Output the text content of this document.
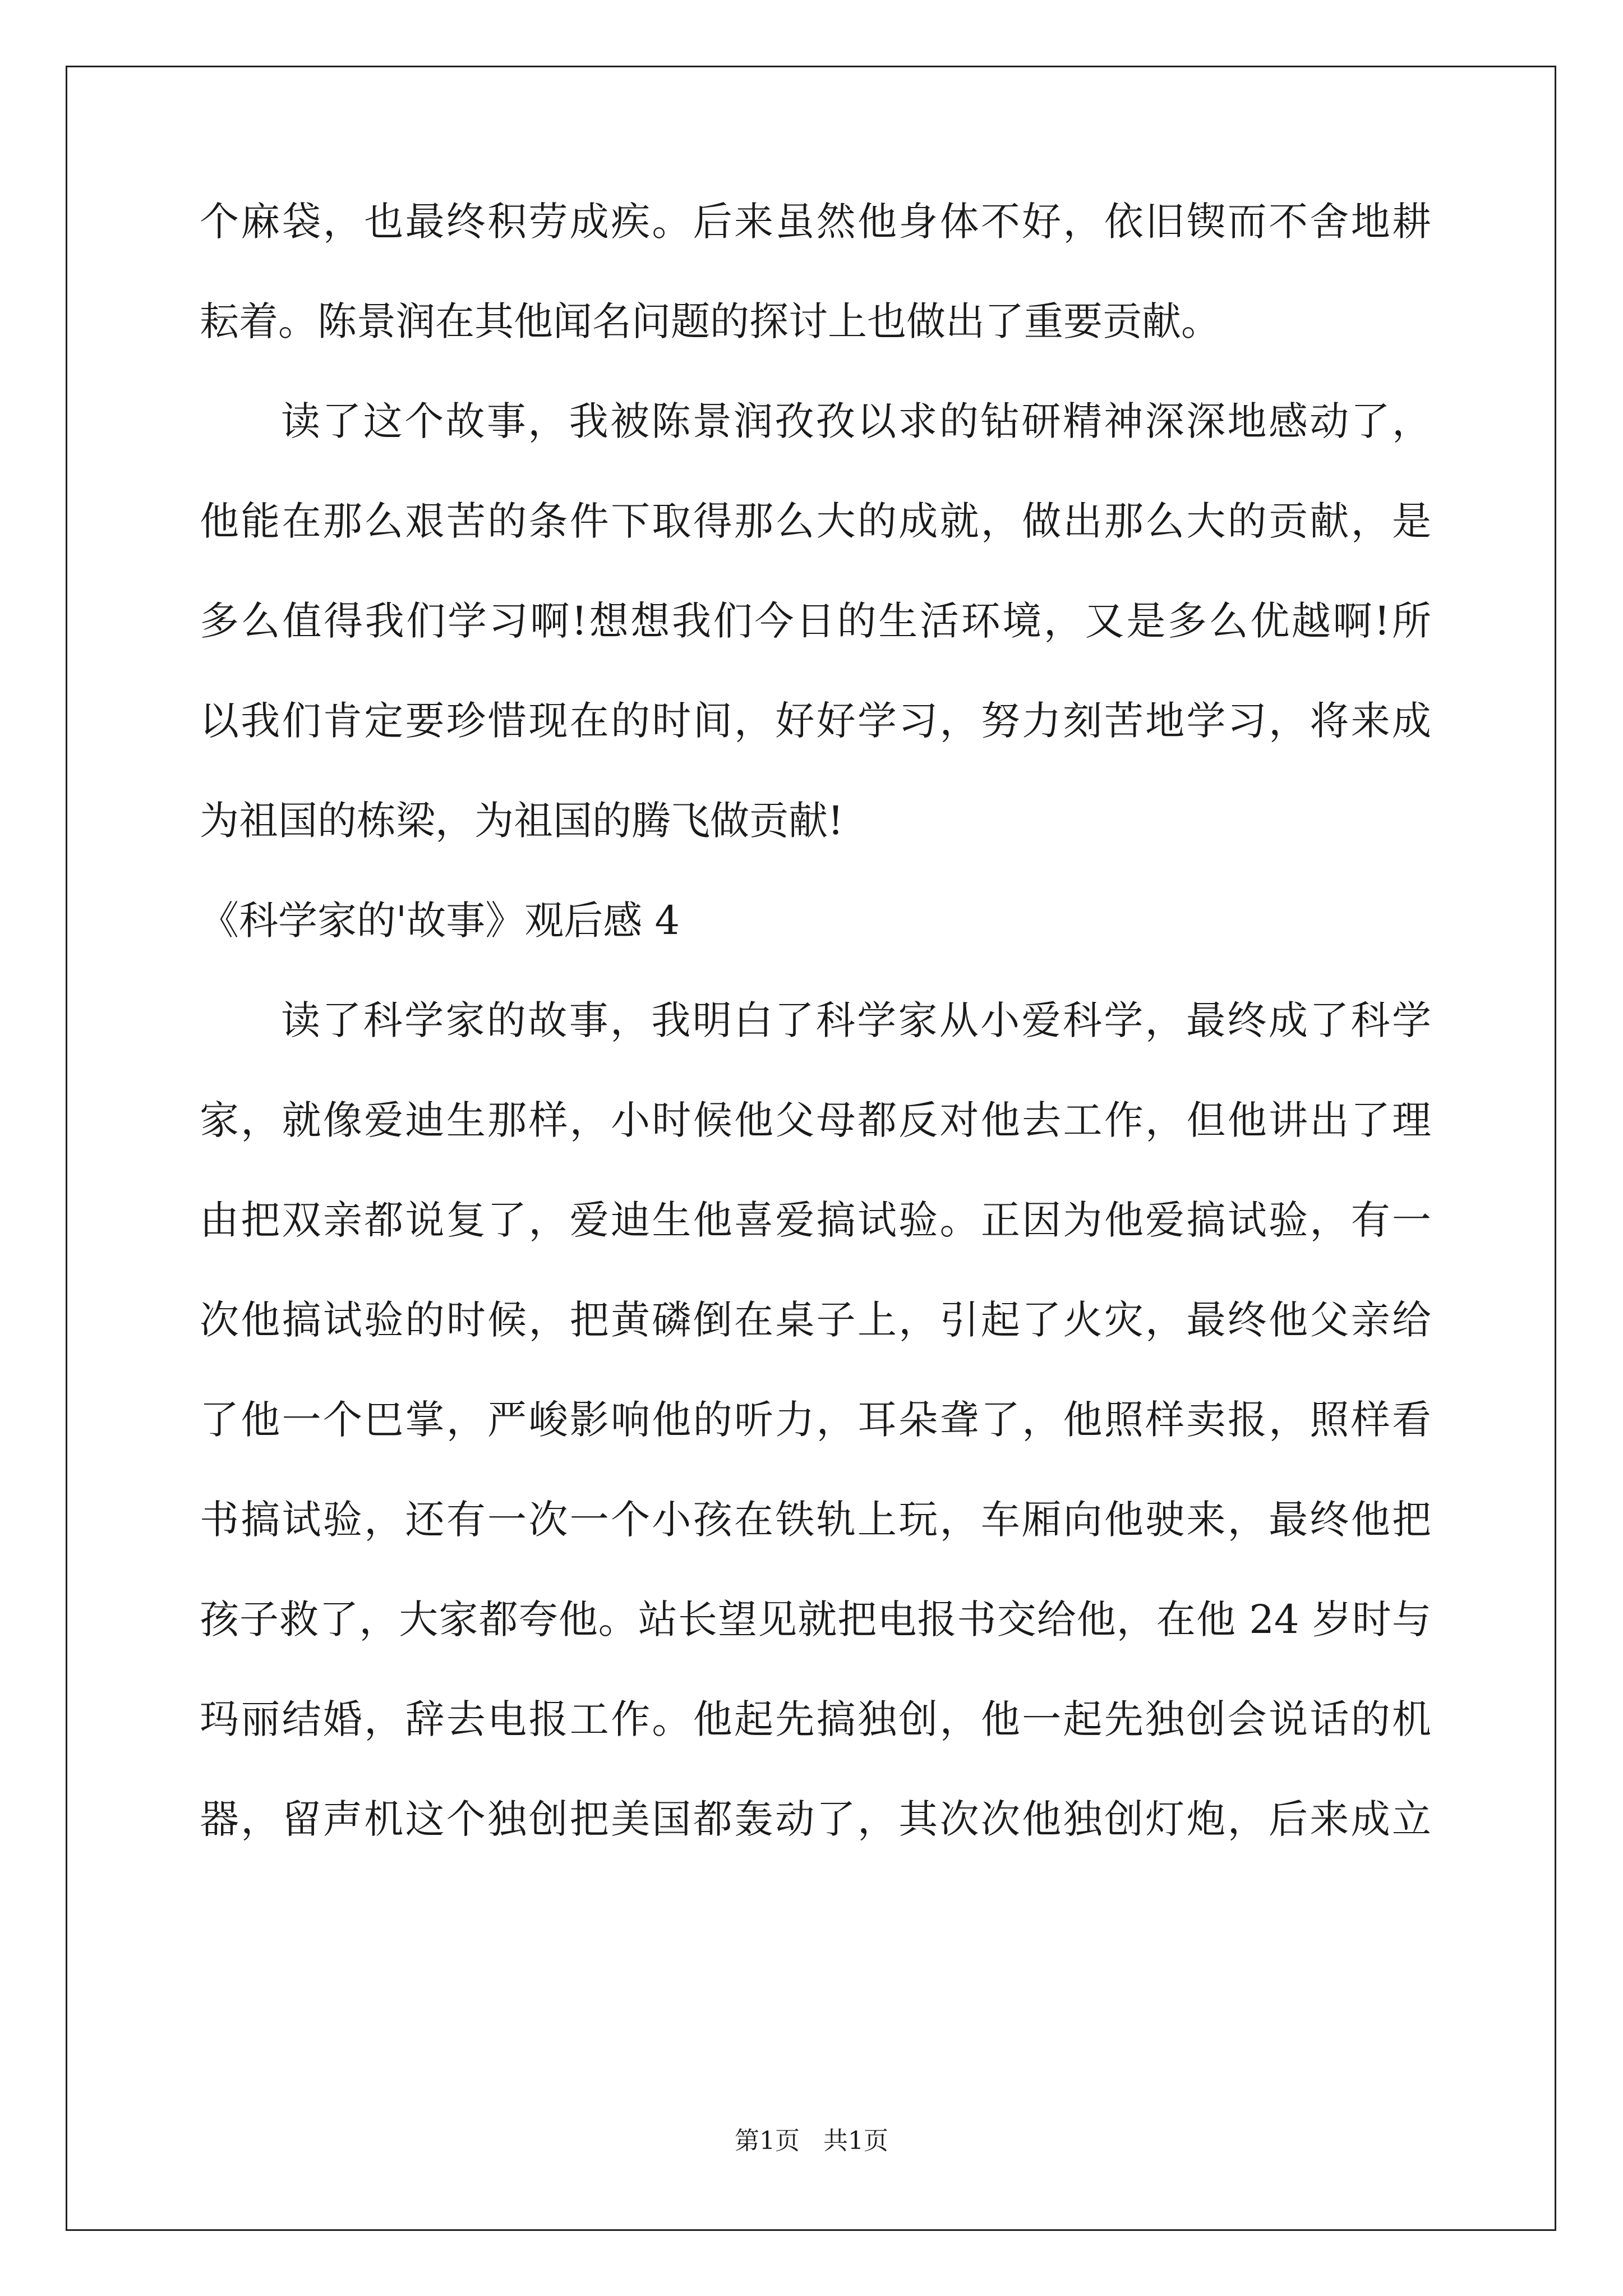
个麻袋，也最终积劳成疾。后来虽然他身体不好，依旧锲而不舍地耕
耘着。陈景润在其他闻名问题的探讨上也做出了重要贡献。
读了这个故事，我被陈景润孜孜以求的钻研精神深深地感动了，
他能在那么艰苦的条件下取得那么大的成就，做出那么大的贡献，是
多么值得我们学习啊!想想我们今日的生活环境，又是多么优越啊!所
以我们肯定要珍惜现在的时间，好好学习，努力刻苦地学习，将来成
为祖国的栋梁，为祖国的腾飞做贡献!
《科学家的'故事》观后感 4
读了科学家的故事，我明白了科学家从小爱科学，最终成了科学
家，就像爱迪生那样，小时候他父母都反对他去工作，但他讲出了理
由把双亲都说复了，爱迪生他喜爱搞试验。正因为他爱搞试验，有一
次他搞试验的时候，把黄磷倒在桌子上，引起了火灾，最终他父亲给
了他一个巴掌，严峻影响他的听力，耳朵聋了，他照样卖报，照样看
书搞试验，还有一次一个小孩在铁轨上玩，车厢向他驶来，最终他把
孩子救了，大家都夸他。站长望见就把电报书交给他，在他 24 岁时与
玛丽结婚，辞去电报工作。他起先搞独创，他一起先独创会说话的机
器，留声机这个独创把美国都轰动了，其次次他独创灯炮，后来成立
第1页   共1页
